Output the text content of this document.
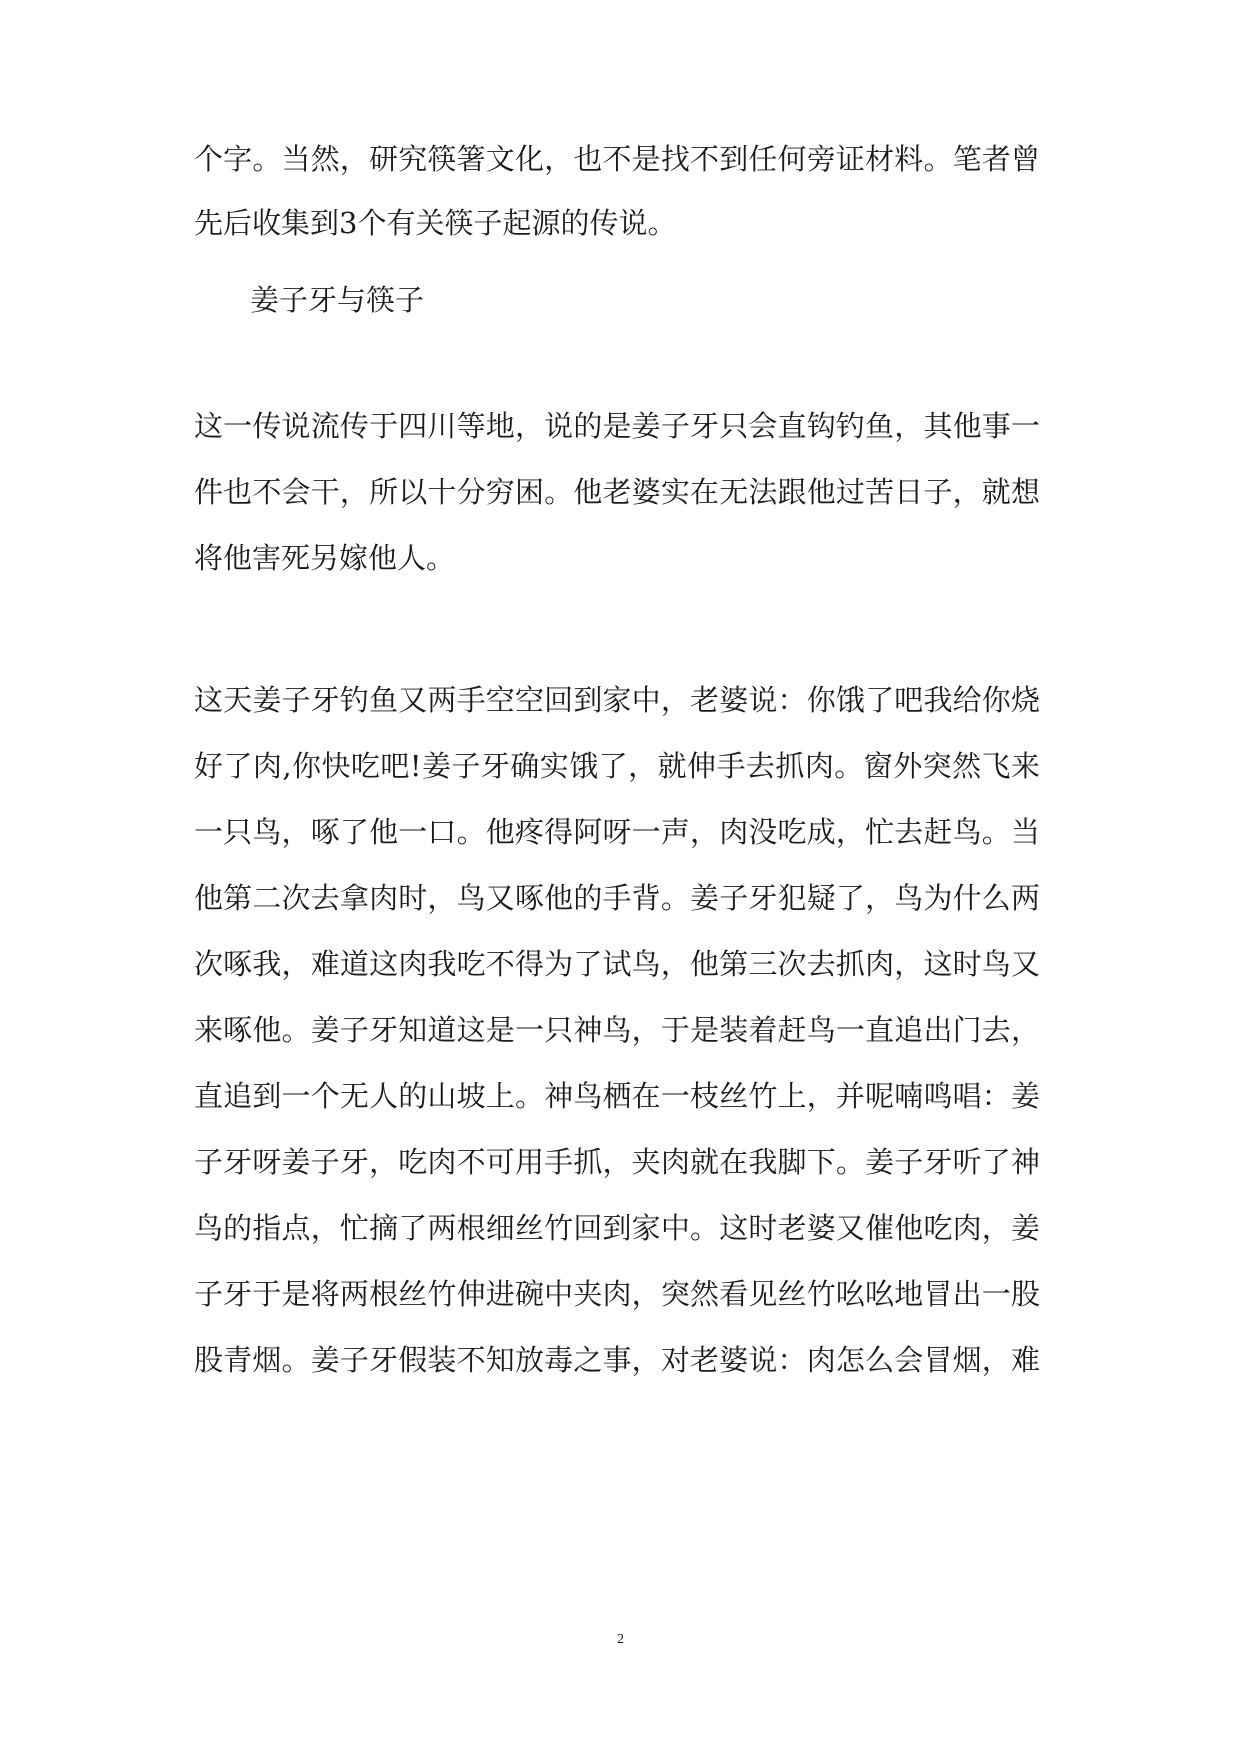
个字。当然，研究筷箸文化，也不是找不到任何旁证材料。笔者曾
先后收集到3个有关筷子起源的传说。
姜子牙与筷子
这一传说流传于四川等地，说的是姜子牙只会直钩钓鱼，其他事一
件也不会干，所以十分穷困。他老婆实在无法跟他过苦日子，就想
将他害死另嫁他人。
这天姜子牙钓鱼又两手空空回到家中，老婆说：你饿了吧我给你烧
好了肉,你快吃吧!姜子牙确实饿了，就伸手去抓肉。窗外突然飞来
一只鸟，啄了他一口。他疼得阿呀一声，肉没吃成，忙去赶鸟。当
他第二次去拿肉时，鸟又啄他的手背。姜子牙犯疑了，鸟为什么两
次啄我，难道这肉我吃不得为了试鸟，他第三次去抓肉，这时鸟又
来啄他。姜子牙知道这是一只神鸟，于是装着赶鸟一直追出门去，
直追到一个无人的山坡上。神鸟栖在一枝丝竹上，并呢喃鸣唱：姜
子牙呀姜子牙，吃肉不可用手抓，夹肉就在我脚下。姜子牙听了神
鸟的指点，忙摘了两根细丝竹回到家中。这时老婆又催他吃肉，姜
子牙于是将两根丝竹伸进碗中夹肉，突然看见丝竹吆吆地冒出一股
股青烟。姜子牙假装不知放毒之事，对老婆说：肉怎么会冒烟，难
2
